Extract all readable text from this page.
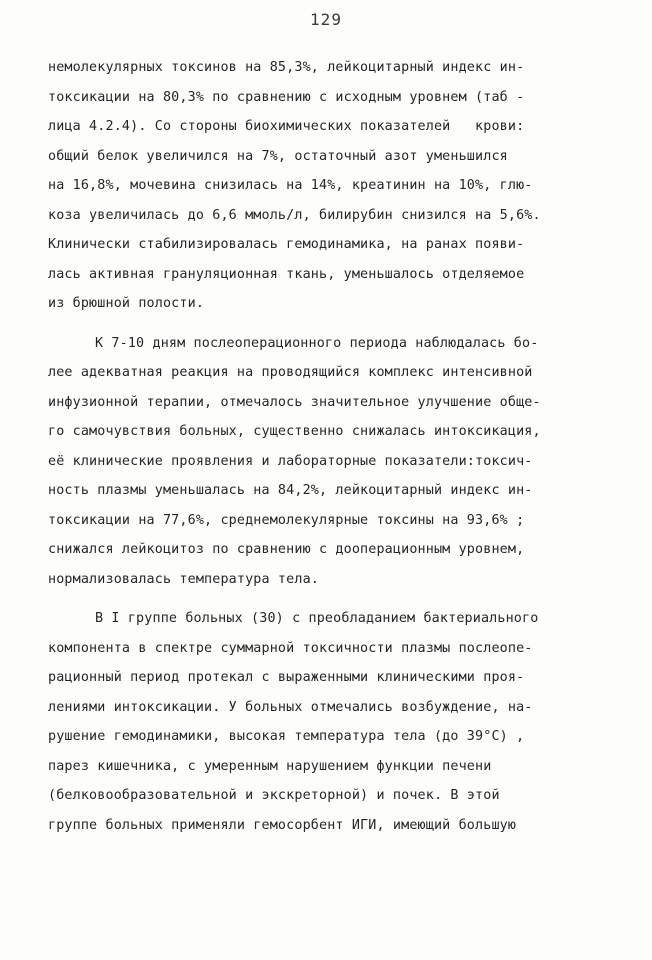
129
немолекулярных токсинов на 85,3%, лейкоцитарный индекс ин-
токсикации на 80,3% по сравнению с исходным уровнем (таб -
лица 4.2.4). Со стороны биохимических показателей   крови:
общий белок увеличился на 7%, остаточный азот уменьшился
на 16,8%, мочевина снизилась на 14%, креатинин на 10%, глю-
коза увеличилась до 6,6 ммоль/л, билирубин снизился на 5,6%.
Клинически стабилизировалась гемодинамика, на ранах появи-
лась активная грануляционная ткань, уменьшалось отделяемое
из брюшной полости.
К 7-10 дням послеоперационного периода наблюдалась бо-
лее адекватная реакция на проводящийся комплекс интенсивной
инфузионной терапии, отмечалось значительное улучшение обще-
го самочувствия больных, существенно снижалась интоксикация,
её клинические проявления и лабораторные показатели:токсич-
ность плазмы уменьшалась на 84,2%, лейкоцитарный индекс ин-
токсикации на 77,6%, среднемолекулярные токсины на 93,6% ;
снижался лейкоцитоз по сравнению с дооперационным уровнем,
нормализовалась температура тела.
В I группе больных (30) с преобладанием бактериального
компонента в спектре суммарной токсичности плазмы послеопе-
рационный период протекал с выраженными клиническими проя-
лениями интоксикации. У больных отмечались возбуждение, на-
рушение гемодинамики, высокая температура тела (до 39°C) ,
парез кишечника, с умеренным нарушением функции печени
(белковообразовательной и экскреторной) и почек. В этой
группе больных применяли гемосорбент ИГИ, имеющий большую
